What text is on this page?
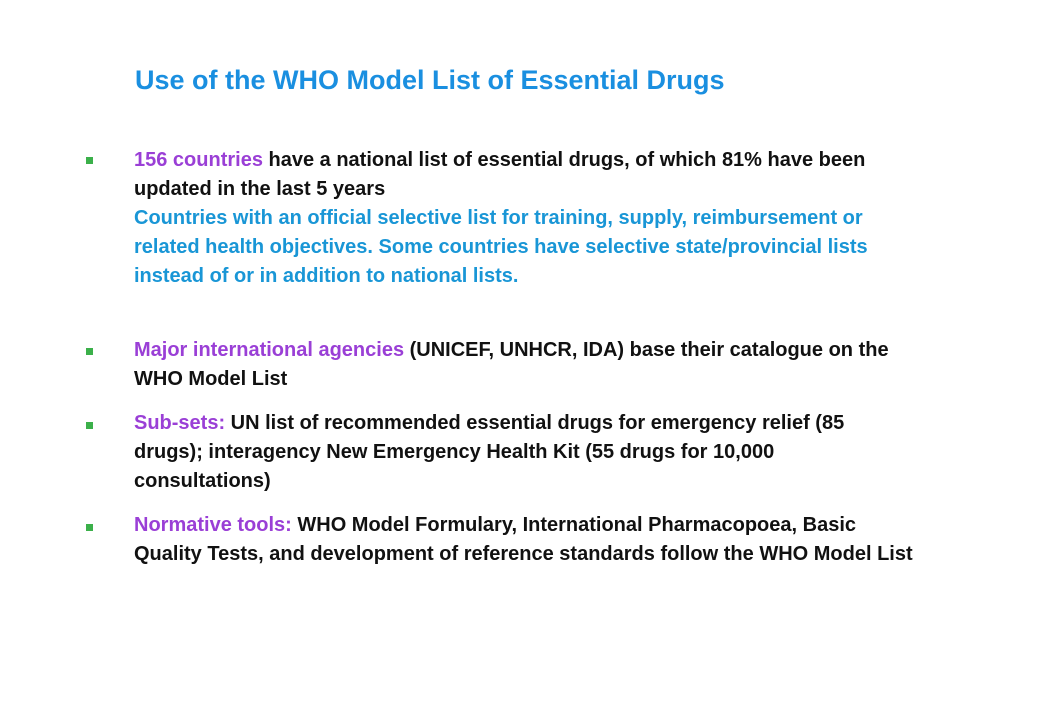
Use of the WHO Model List of Essential Drugs
156 countries have a national list of essential drugs, of which 81% have been updated in the last 5 years
Countries with an official selective list for training, supply, reimbursement or related health objectives. Some countries have selective state/provincial lists instead of or in addition to national lists.
Major international agencies (UNICEF, UNHCR, IDA) base their catalogue on the WHO Model List
Sub-sets: UN list of recommended essential drugs for emergency relief (85 drugs); interagency New Emergency Health Kit (55 drugs for 10,000 consultations)
Normative tools: WHO Model Formulary, International Pharmacopoea, Basic Quality Tests, and development of reference standards follow the WHO Model List
